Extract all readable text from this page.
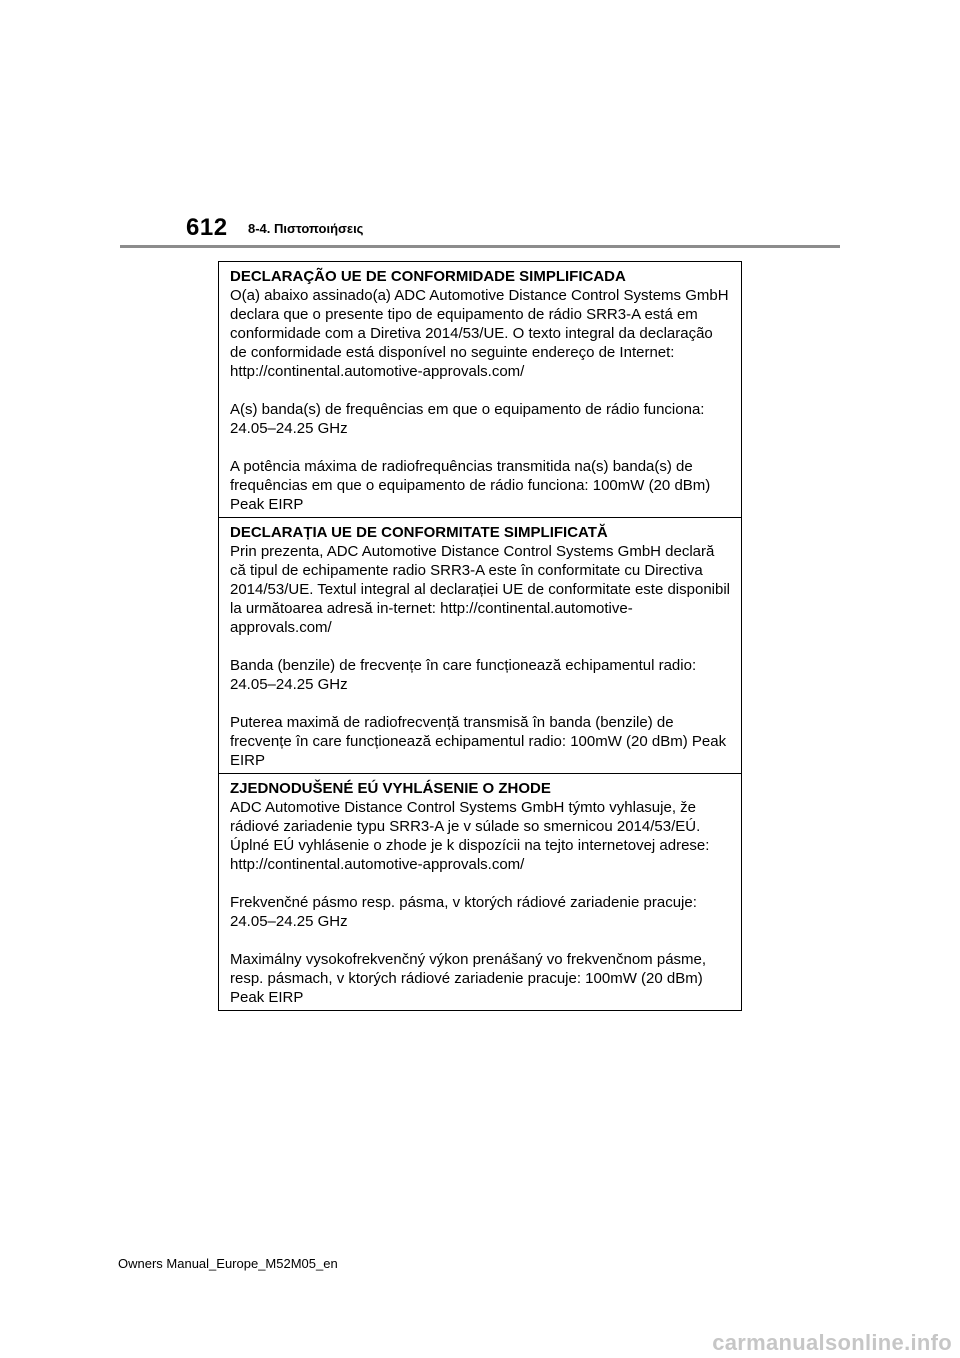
612 8-4. Πιστοποιήσεις
DECLARAÇÃO UE DE CONFORMIDADE SIMPLIFICADA

O(a) abaixo assinado(a) ADC Automotive Distance Control Systems GmbH declara que o presente tipo de equipamento de rádio SRR3-A está em conformidade com a Diretiva 2014/53/UE. O texto integral da declaração de conformidade está disponível no seguinte endereço de Internet: http://continental.automotive-approvals.com/

A(s) banda(s) de frequências em que o equipamento de rádio funciona: 24.05–24.25 GHz

A potência máxima de radiofrequências transmitida na(s) banda(s) de frequências em que o equipamento de rádio funciona: 100mW (20 dBm) Peak EIRP

DECLARAȚIA UE DE CONFORMITATE SIMPLIFICATĂ

Prin prezenta, ADC Automotive Distance Control Systems GmbH declară că tipul de echipamente radio SRR3-A este în conformitate cu Directiva 2014/53/UE. Textul integral al declarației UE de conformitate este disponibil la următoarea adresă in-ternet: http://continental.automotive-approvals.com/

Banda (benzile) de frecvențe în care funcționează echipamentul radio: 24.05–24.25 GHz

Puterea maximă de radiofrecvență transmisă în banda (benzile) de frecvențe în care funcționează echipamentul radio: 100mW (20 dBm) Peak EIRP

ZJEDNODUŠENÉ EÚ VYHLÁSENIE O ZHODE

ADC Automotive Distance Control Systems GmbH týmto vyhlasuje, že rádiové zariadenie typu SRR3-A je v súlade so smernicou 2014/53/EÚ. Úplné EÚ vyhlásenie o zhode je k dispozícii na tejto internetovej adrese: http://continental.automotive-approvals.com/

Frekvenčné pásmo resp. pásma, v ktorých rádiové zariadenie pracuje: 24.05–24.25 GHz

Maximálny vysokofrekvenčný výkon prenášaný vo frekvenčnom pásme, resp. pásmach, v ktorých rádiové zariadenie pracuje: 100mW (20 dBm) Peak EIRP

Owners Manual_Europe_M52M05_en
carmanualsonline.info
